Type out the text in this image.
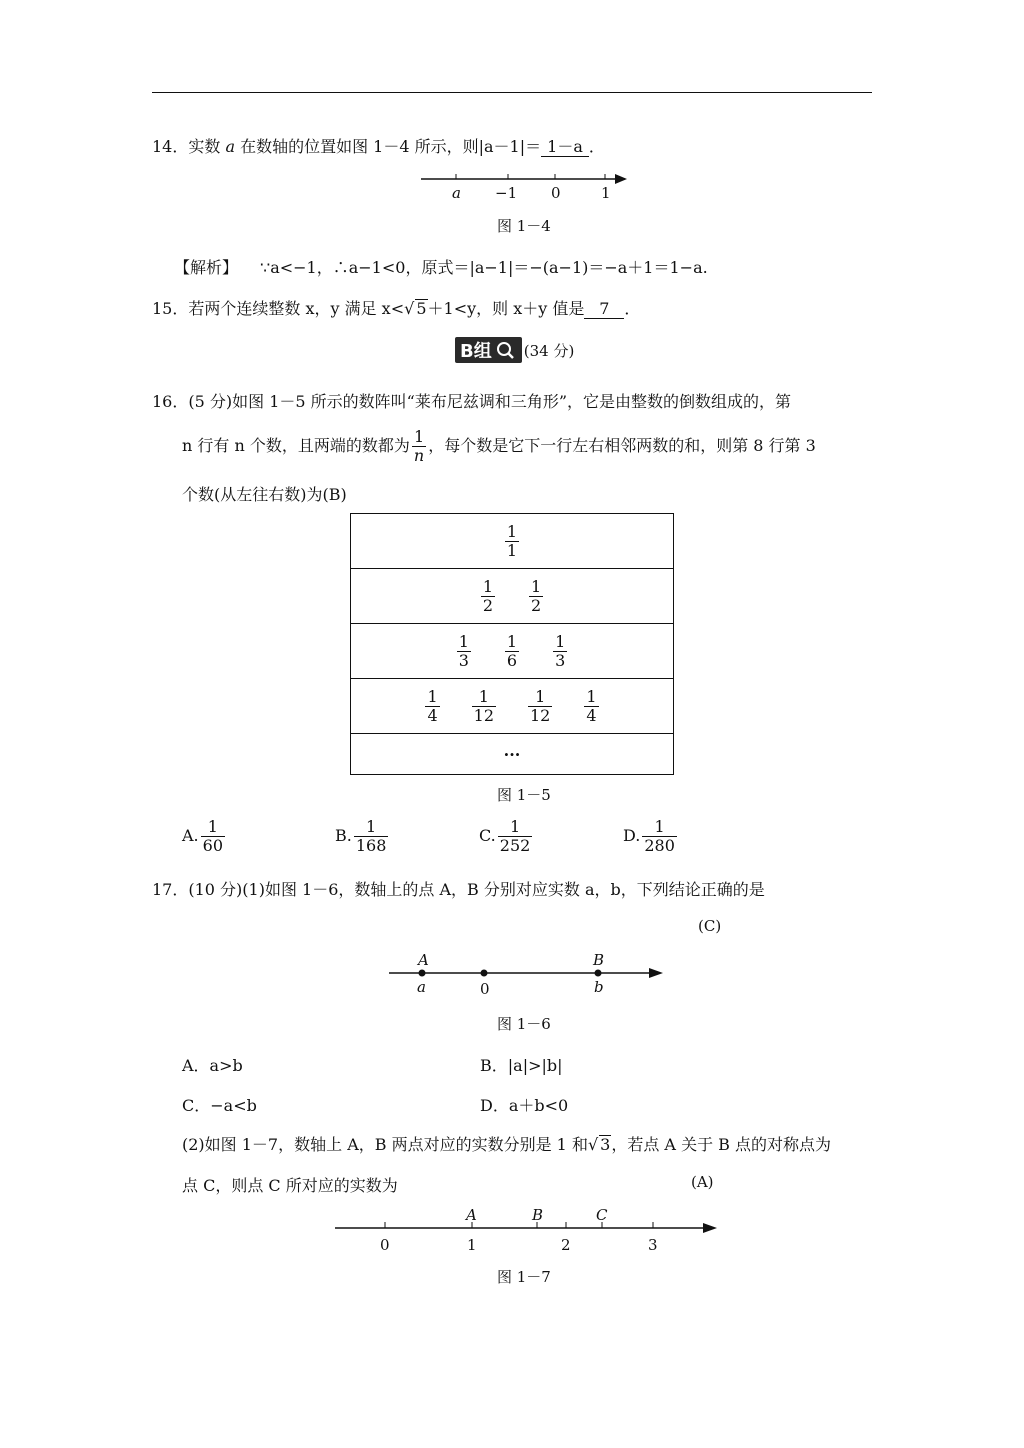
14．实数 a 在数轴的位置如图 1－4 所示，则|a－1|＝ 1－a ．
a −1 0	1
图 1－4
【解析】 ∵a<−1，∴a−1<0，原式＝|a−1|＝−(a−1)＝−a＋1＝1−a.
15．若两个连续整数 x，y 满足 x<√ 5＋1<y，则 x＋y 值是 7 ．
B组 (34 分)
16．(5 分)如图 1－5 所示的数阵叫“莱布尼兹调和三角形”，它是由整数的倒数组成的，第
n 行有 n 个数，且两端的数都为 $\frac{1}{n}$ ，每个数是它下一行左右相邻两数的和，则第 8 行第 3
个数(从左往右数)为(B)
$\frac{1}{1}$
$\frac{1}{2} \frac{1}{2}$
$\frac{1}{3} \frac{1}{6} \frac{1}{3}$
$\frac{1}{4} \frac{1}{12} \frac{1}{12} \frac{1}{4}$
···
图 1－5
A. $\frac{1}{60}$	B. $\frac{1}{168}$	C. $\frac{1}{252}$	D. $\frac{1}{280}$
17．(10 分)(1)如图 1－6，数轴上的点 A，B 分别对应实数 a，b，下列结论正确的是
(C)
A	B
a	0	b
图 1－6
A．a>b	B．|a|>|b|
C．−a<b	D．a＋b<0
(2)如图 1－7，数轴上 A，B 两点对应的实数分别是 1 和√ 3，若点 A 关于 B 点的对称点为
点 C，则点 C 所对应的实数为	(A)
A	B	C
0	1	2	3
图 1－7
